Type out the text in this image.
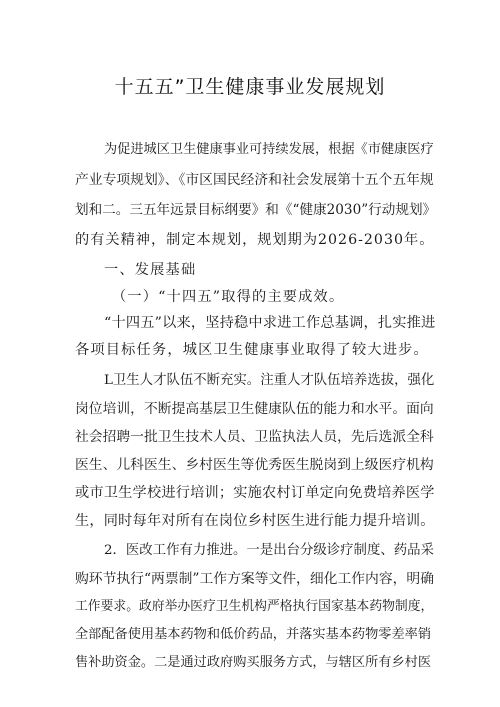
十五五”卫生健康事业发展规划
为促进城区卫生健康事业可持续发展，根据《市健康医疗
产业专项规划》、《市区国民经济和社会发展第十五个五年规
划和二。三五年远景目标纲要》和《“健康2030”行动规划》
的有关精神，制定本规划，规划期为2026-2030年。
一、发展基础
（一）“十四五”取得的主要成效。
“十四五”以来，坚持稳中求进工作总基调，扎实推进
各项目标任务，城区卫生健康事业取得了较大进步。
L卫生人才队伍不断充实。注重人才队伍培养选拔，强化
岗位培训，不断提高基层卫生健康队伍的能力和水平。面向
社会招聘一批卫生技术人员、卫监执法人员，先后选派全科
医生、儿科医生、乡村医生等优秀医生脱岗到上级医疗机构
或市卫生学校进行培训；实施农村订单定向免费培养医学
生，同时每年对所有在岗位乡村医生进行能力提升培训。
2．医改工作有力推进。一是出台分级诊疗制度、药品采
购环节执行“两票制”工作方案等文件，细化工作内容，明确
工作要求。政府举办医疗卫生机构严格执行国家基本药物制度，
全部配备使用基本药物和低价药品，并落实基本药物零差率销
售补助资金。二是通过政府购买服务方式，与辖区所有乡村医
